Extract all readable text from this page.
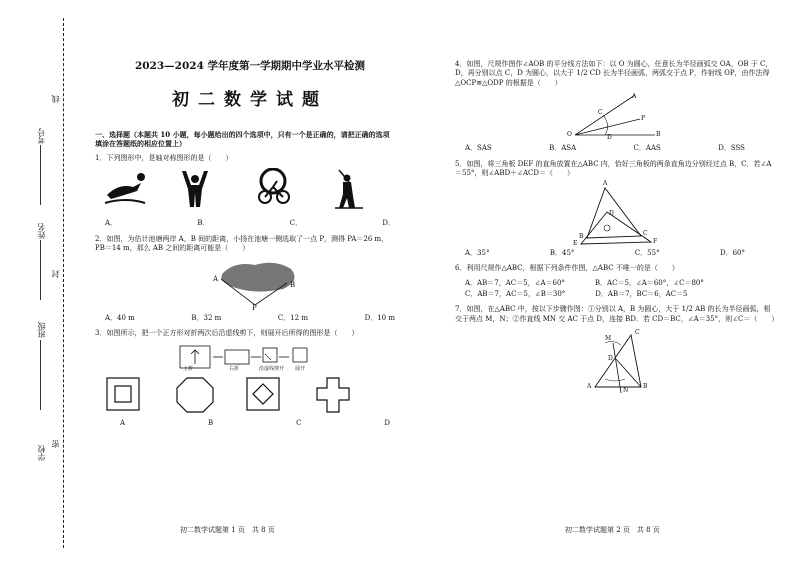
线
封
密
考号
姓名
班级
学校
2023—2024 学年度第一学期期中学业水平检测
初二数学试题
一、选择题（本题共 10 小题，每小题给出的四个选项中，只有一个是正确的，请把正确的选项填涂在答题纸的相应位置上）
1．下列图形中，是轴对称图形的是（　　）
A．	B．	C．	D．
2．如图，为估计池塘两岸 A，B 间的距离，小扬在池塘一侧选取了一点 P，测得 PA＝26 m，PB＝14 m，那么 AB 之间的距离可能是（　　）
A
B
P
A．40 m	B．32 m	C．12 m	D．10 m
3．如图所示，把一个正方形对折两次后沿虚线剪下，则展开后所得的图形是（　　）
上折	右折	沿虚线剪开 展开
A	B	C	D
4．如图，尺规作图作∠AOB 的平分线方法如下：以 O 为圆心，任意长为半径画弧交 OA，OB 于 C，D，再分别以点 C，D 为圆心，以大于 1/2 CD 长为半径画弧，两弧交于点 P，作射线 OP，由作法得△OCP≌△ODP 的根据是（　　）
A
C
P
O	D	B
A．SAS	B．ASA	C．AAS	D．SSS
5．如图，将三角板 DEF 的直角放置在△ABC 内，恰好三角板的两条直角边分别经过点 B，C．若∠A＝55°，则∠ABD＋∠ACD＝（　　）
A
D
B	C
E	F
A．35°	B．45°	C．55°	D．60°
6．利用尺规作△ABC，根据下列条件作图，△ABC 不唯一的是（　　）
A．AB＝7，AC＝5，∠A＝60°	B．AC＝5，∠A＝60°，∠C＝80°
C．AB＝7，AC＝5，∠B＝30°	D．AB＝7，BC＝6，AC＝5
7．如图，在△ABC 中，按以下步骤作图：①分别以 A，B 为圆心，大于 1/2 AB 的长为半径画弧，相交于两点 M，N；②作直线 MN 交 AC 于点 D，连接 BD．若 CD＝BC，∠A＝35°，则∠C＝（　　）
M
C
D
A
N
B
初二数学试题第 1 页　共 8 页	初二数学试题第 2 页　共 8 页
